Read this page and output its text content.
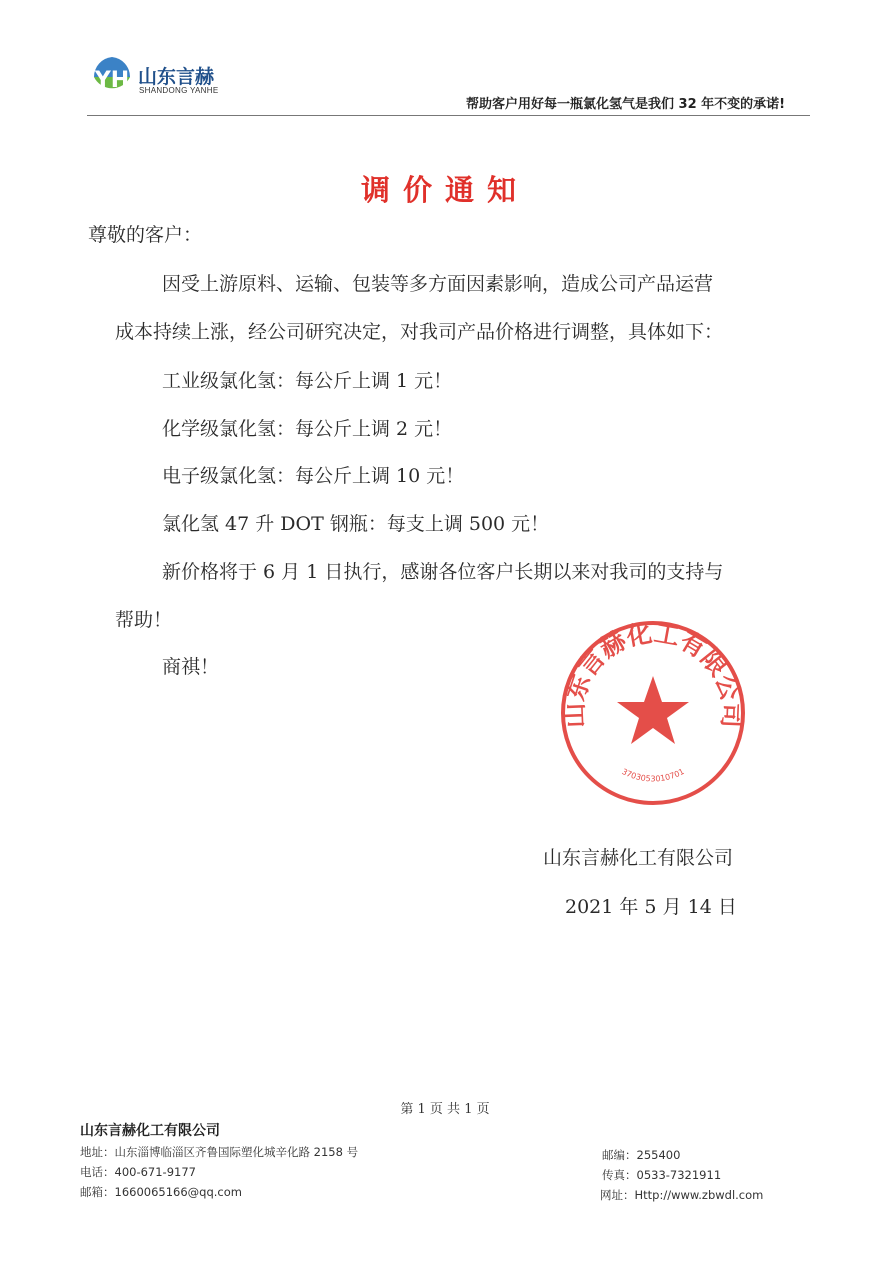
YH 山东言赫
SHANDONG YANHE
帮助客户用好每一瓶氯化氢气是我们 32 年不变的承诺!
调价通知
尊敬的客户：
因受上游原料、运输、包装等多方面因素影响，造成公司产品运营
成本持续上涨，经公司研究决定，对我司产品价格进行调整，具体如下：
工业级氯化氢：每公斤上调 1 元！
化学级氯化氢：每公斤上调 2 元！
电子级氯化氢：每公斤上调 10 元！
氯化氢 47 升 DOT 钢瓶：每支上调 500 元！
新价格将于 6 月 1 日执行，感谢各位客户长期以来对我司的支持与
帮助！
商祺！
山东言赫化工有限公司
3703053010701
山东言赫化工有限公司
2021 年 5 月 14 日
第 1 页 共 1 页
山东言赫化工有限公司
地址：山东淄博临淄区齐鲁国际塑化城辛化路 2158 号
电话：400-671-9177
邮箱：1660065166@qq.com
邮编：255400
传真：0533-7321911
网址：Http://www.zbwdl.com
